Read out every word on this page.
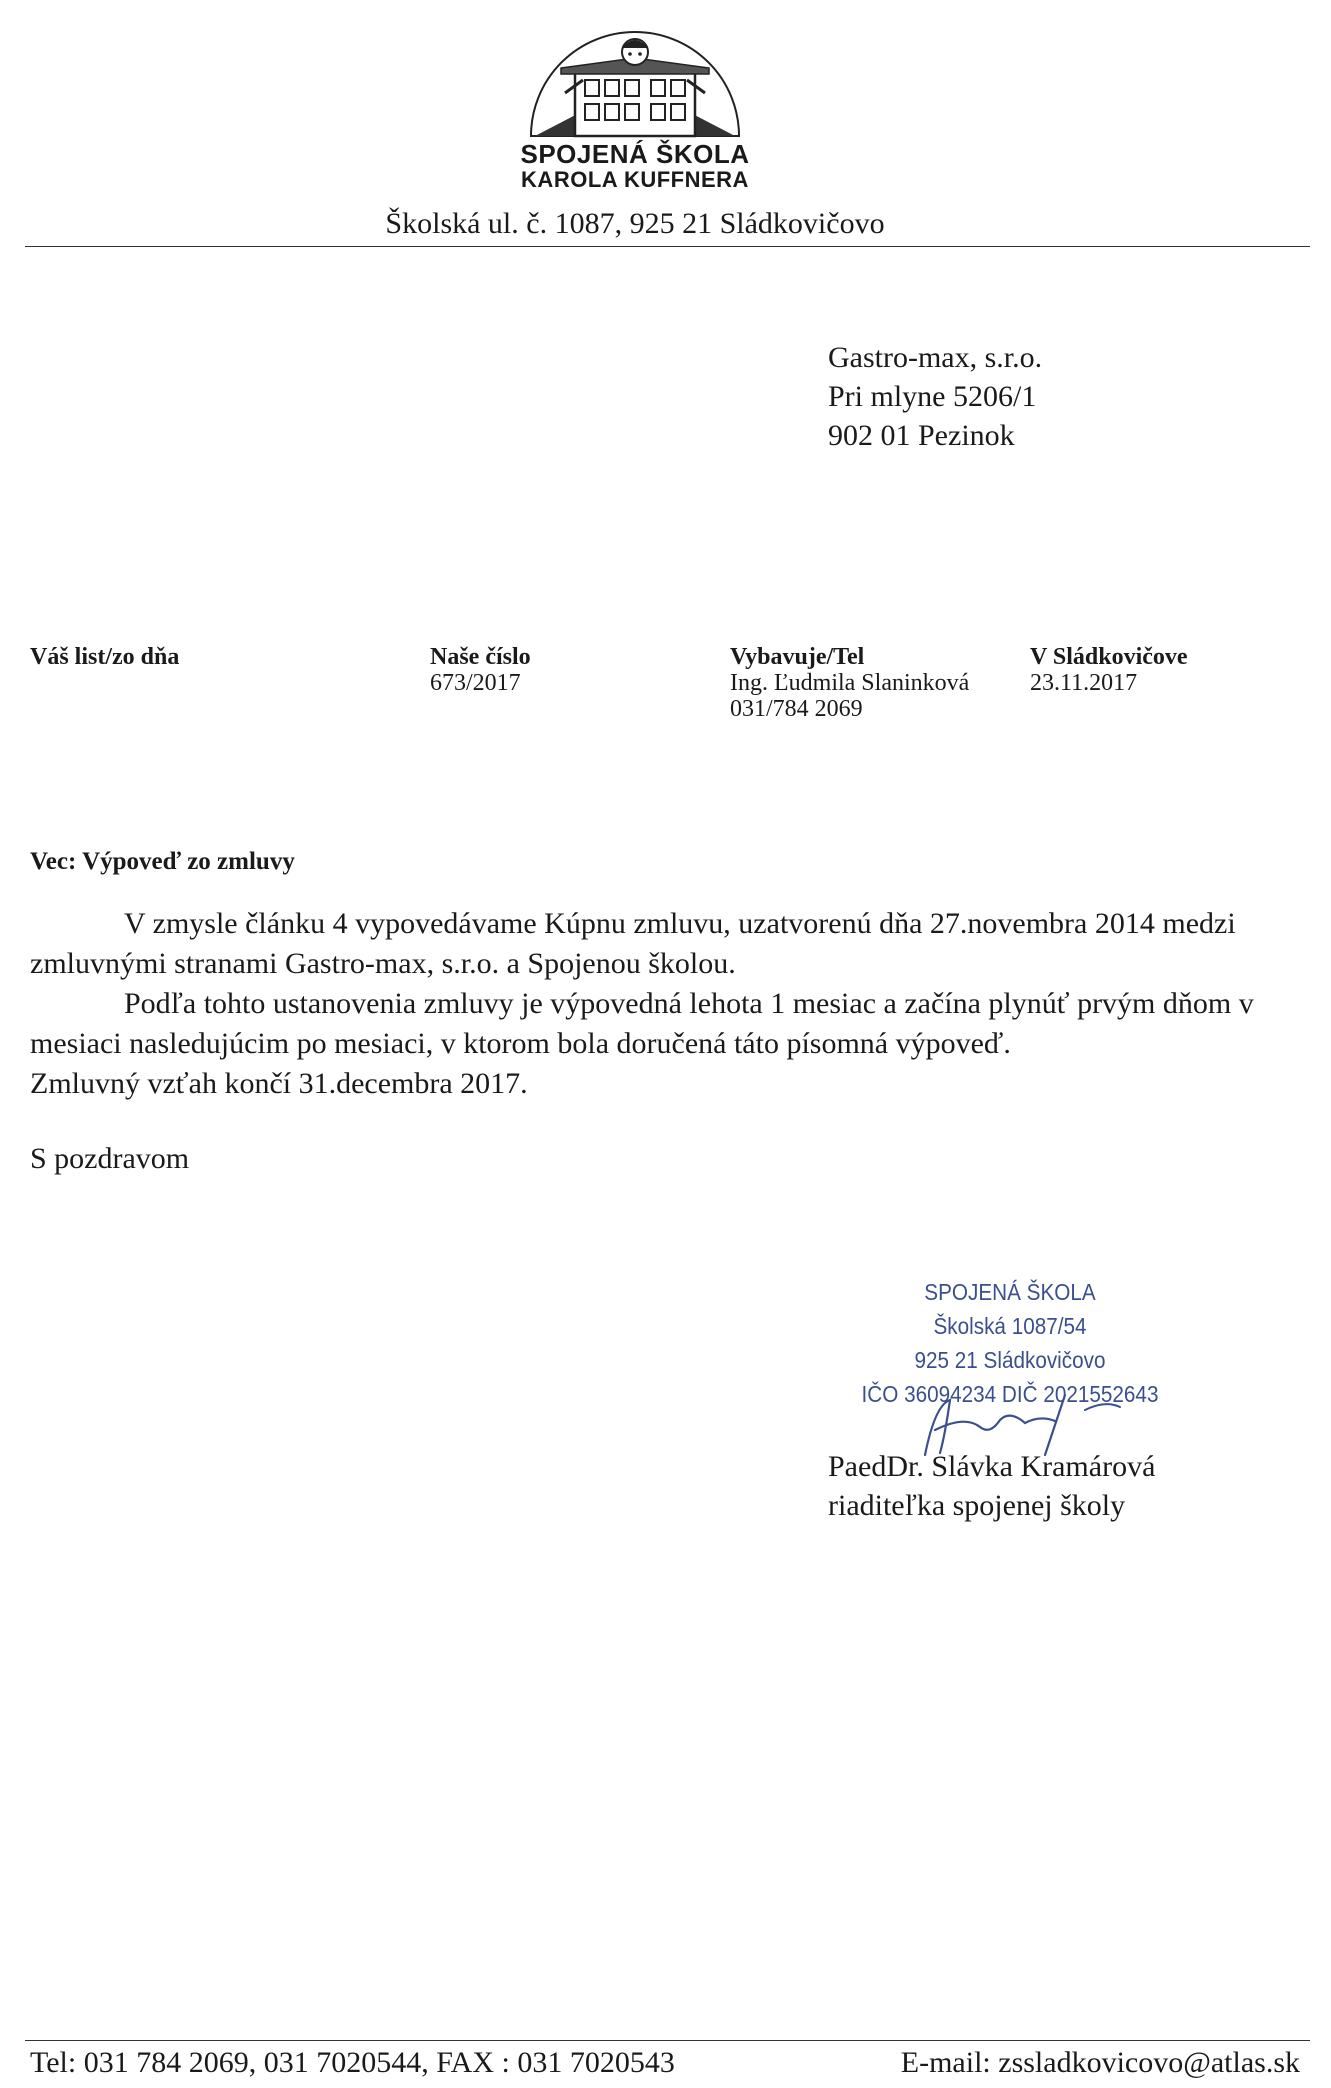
SPOJENÁ ŠKOLA
KAROLA KUFFNERA
Školská ul. č. 1087, 925 21 Sládkovičovo
Gastro-max, s.r.o.
Pri mlyne 5206/1
902 01 Pezinok
Váš list/zo dňa	Naše číslo
673/2017
Vybavuje/Tel
Ing. Ľudmila Slaninková
031/784 2069
V Sládkovičove
23.11.2017
Vec: Výpoveď zo zmluvy

V zmysle článku 4 vypovedávame Kúpnu zmluvu, uzatvorenú dňa 27.novembra 2014 medzi zmluvnými stranami Gastro-max, s.r.o. a Spojenou školou.

Podľa tohto ustanovenia zmluvy je výpovedná lehota 1 mesiac a začína plynúť prvým dňom v mesiaci nasledujúcim po mesiaci, v ktorom bola doručená táto písomná výpoveď.

Zmluvný vzťah končí 31.decembra 2017.

S pozdravom
SPOJENÁ ŠKOLA
Školská 1087/54
925 21 Sládkovičovo
IČO 36094234 DIČ 2021552643
PaedDr. Slávka Kramárová
riaditeľka spojenej školy
Tel: 031 784 2069, 031 7020544, FAX : 031 7020543	E-mail: zssladkovicovo@atlas.sk
